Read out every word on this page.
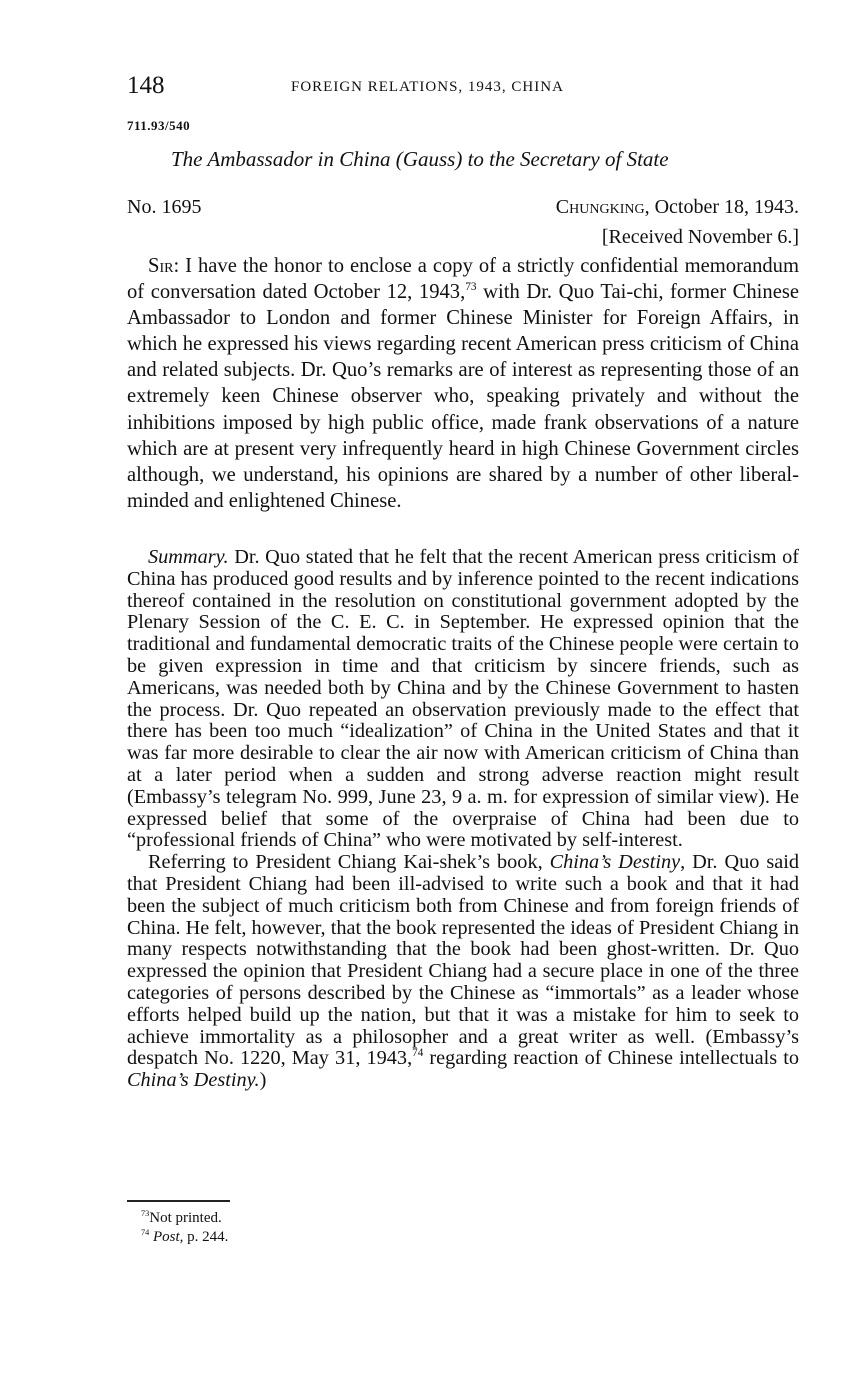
148	FOREIGN RELATIONS, 1943, CHINA
711.93/540
The Ambassador in China (Gauss) to the Secretary of State
No. 1695	Chungking, October 18, 1943.
[Received November 6.]
Sir: I have the honor to enclose a copy of a strictly confidential memorandum of conversation dated October 12, 1943,73 with Dr. Quo Tai-chi, former Chinese Ambassador to London and former Chinese Minister for Foreign Affairs, in which he expressed his views regarding recent American press criticism of China and related subjects. Dr. Quo’s remarks are of interest as representing those of an extremely keen Chinese observer who, speaking privately and without the inhibitions imposed by high public office, made frank observations of a nature which are at present very infrequently heard in high Chinese Government circles although, we understand, his opinions are shared by a number of other liberal-minded and enlightened Chinese.

Summary. Dr. Quo stated that he felt that the recent American press criticism of China has produced good results and by inference pointed to the recent indications thereof contained in the resolution on constitutional government adopted by the Plenary Session of the C. E. C. in September. He expressed opinion that the traditional and fundamental democratic traits of the Chinese people were certain to be given expression in time and that criticism by sincere friends, such as Americans, was needed both by China and by the Chinese Government to hasten the process. Dr. Quo repeated an observation previously made to the effect that there has been too much “idealization” of China in the United States and that it was far more desirable to clear the air now with American criticism of China than at a later period when a sudden and strong adverse reaction might result (Embassy’s telegram No. 999, June 23, 9 a. m. for expression of similar view). He expressed belief that some of the overpraise of China had been due to “professional friends of China” who were motivated by self-interest.

Referring to President Chiang Kai-shek’s book, China’s Destiny, Dr. Quo said that President Chiang had been ill-advised to write such a book and that it had been the subject of much criticism both from Chinese and from foreign friends of China. He felt, however, that the book represented the ideas of President Chiang in many respects notwithstanding that the book had been ghost-written. Dr. Quo expressed the opinion that President Chiang had a secure place in one of the three categories of persons described by the Chinese as “immortals” as a leader whose efforts helped build up the nation, but that it was a mistake for him to seek to achieve immortality as a philosopher and a great writer as well. (Embassy’s despatch No. 1220, May 31, 1943,74 regarding reaction of Chinese intellectuals to China’s Destiny.)

$^{73}$Not printed.
$^{74}$ Post, p. 244.
